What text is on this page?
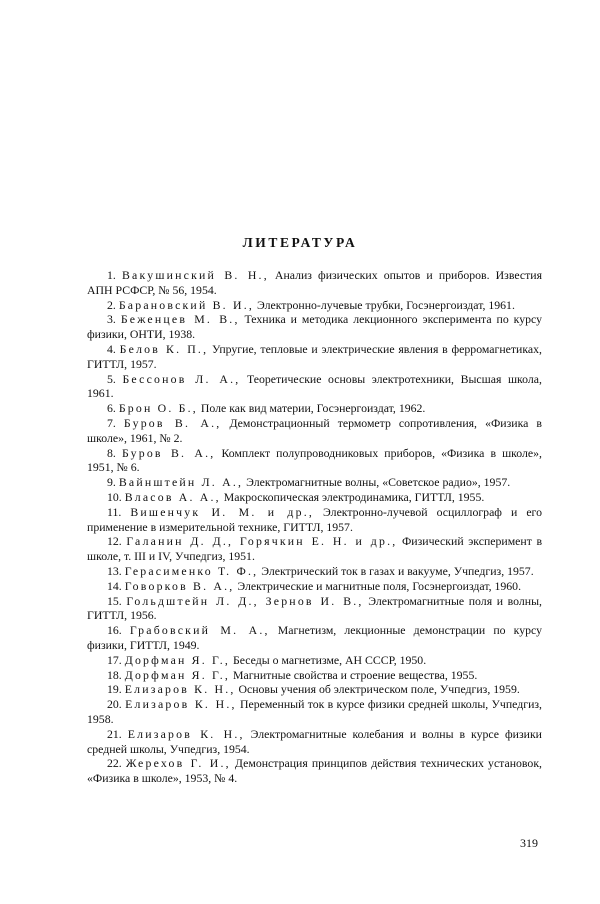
ЛИТЕРАТУРА

1. Вакушинский В. Н., Анализ физических опытов и приборов. Известия АПН РСФСР, № 56, 1954.

2. Барановский В. И., Электронно-лучевые трубки, Госэнергоиздат, 1961.

3. Беженцев М. В., Техника и методика лекционного эксперимента по курсу физики, ОНТИ, 1938.

4. Белов К. П., Упругие, тепловые и электрические явления в ферромагнетиках, ГИТТЛ, 1957.

5. Бессонов Л. А., Теоретические основы электротехники, Высшая школа, 1961.

6. Брон О. Б., Поле как вид материи, Госэнергоиздат, 1962.

7. Буров В. А., Демонстрационный термометр сопротивления, «Физика в школе», 1961, № 2.

8. Буров В. А., Комплект полупроводниковых приборов, «Физика в школе», 1951, № 6.

9. Вайнштейн Л. А., Электромагнитные волны, «Советское радио», 1957.

10. Власов А. А., Макроскопическая электродинамика, ГИТТЛ, 1955.

11. Вишенчук И. М. и др., Электронно-лучевой осциллограф и его применение в измерительной технике, ГИТТЛ, 1957.

12. Галанин Д. Д., Горячкин Е. Н. и др., Физический эксперимент в школе, т. III и IV, Учпедгиз, 1951.

13. Герасименко Т. Ф., Электрический ток в газах и вакууме, Учпедгиз, 1957.

14. Говорков В. А., Электрические и магнитные поля, Госэнергоиздат, 1960.

15. Гольдштейн Л. Д., Зернов И. В., Электромагнитные поля и волны, ГИТТЛ, 1956.

16. Грабовский М. А., Магнетизм, лекционные демонстрации по курсу физики, ГИТТЛ, 1949.

17. Дорфман Я. Г., Беседы о магнетизме, АН СССР, 1950.

18. Дорфман Я. Г., Магнитные свойства и строение вещества, 1955.

19. Елизаров К. Н., Основы учения об электрическом поле, Учпедгиз, 1959.

20. Елизаров К. Н., Переменный ток в курсе физики средней школы, Учпедгиз, 1958.

21. Елизаров К. Н., Электромагнитные колебания и волны в курсе физики средней школы, Учпедгиз, 1954.

22. Жерехов Г. И., Демонстрация принципов действия технических установок, «Физика в школе», 1953, № 4.

319
